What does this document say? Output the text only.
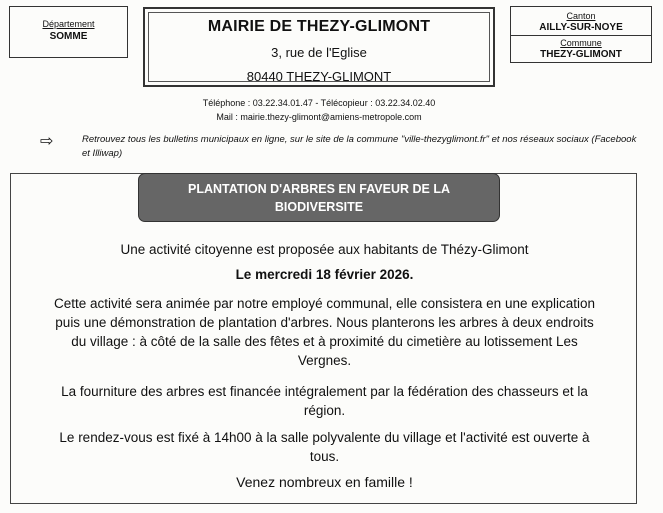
Département
SOMME
MAIRIE DE THEZY-GLIMONT
3, rue de l'Eglise
80440 THEZY-GLIMONT
Canton
AILLY-SUR-NOYE
Commune
THEZY-GLIMONT
Téléphone : 03.22.34.01.47 - Télécopieur : 03.22.34.02.40
Mail : mairie.thezy-glimont@amiens-metropole.com
⇨	Retrouvez tous les bulletins municipaux en ligne, sur le site de la commune "ville-thezyglimont.fr" et nos réseaux sociaux (Facebook et Illiwap)
PLANTATION D'ARBRES EN FAVEUR DE LA
BIODIVERSITE
Une activité citoyenne est proposée aux habitants de Thézy-Glimont
Le mercredi 18 février 2026.
Cette activité sera animée par notre employé communal, elle consistera en une explication
puis une démonstration de plantation d'arbres. Nous planterons les arbres à deux endroits
du village : à côté de la salle des fêtes et à proximité du cimetière au lotissement Les
Vergnes.
La fourniture des arbres est financée intégralement par la fédération des chasseurs et la
région.
Le rendez-vous est fixé à 14h00 à la salle polyvalente du village et l'activité est ouverte à
tous.
Venez nombreux en famille !
